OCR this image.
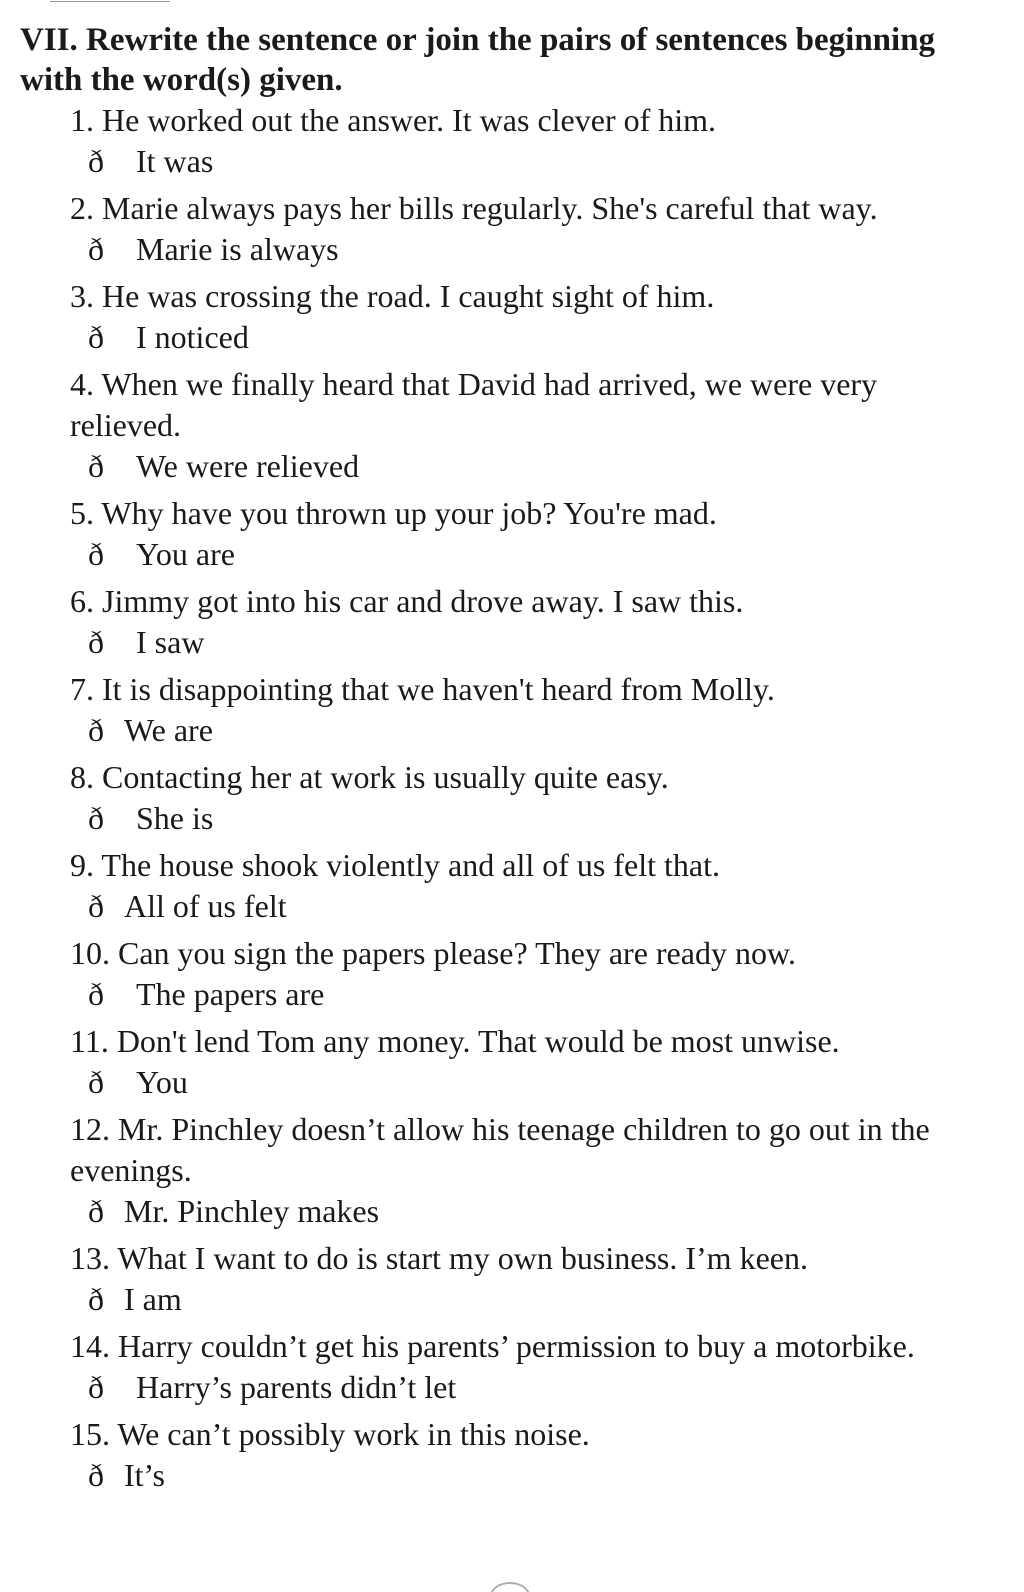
VII. Rewrite the sentence or join the pairs of sentences beginning with the word(s) given.

1. He worked out the answer. It was clever of him.

ð It was

2. Marie always pays her bills regularly. She's careful that way.

ð Marie is always

3. He was crossing the road. I caught sight of him.

ð I noticed

4. When we finally heard that David had arrived, we were very relieved.

ð We were relieved

5. Why have you thrown up your job? You're mad.

ð You are

6. Jimmy got into his car and drove away. I saw this.

ð I saw

7. It is disappointing that we haven't heard from Molly.

ð We are

8. Contacting her at work is usually quite easy.

ð She is

9. The house shook violently and all of us felt that.

ð All of us felt

10. Can you sign the papers please? They are ready now.

ð The papers are

11. Don't lend Tom any money. That would be most unwise.

ð You

12. Mr. Pinchley doesn’t allow his teenage children to go out in the evenings.

ð Mr. Pinchley makes

13. What I want to do is start my own business. I’m keen.

ð I am

14. Harry couldn’t get his parents’ permission to buy a motorbike.

ð Harry’s parents didn’t let

15. We can’t possibly work in this noise.

ð It’s
